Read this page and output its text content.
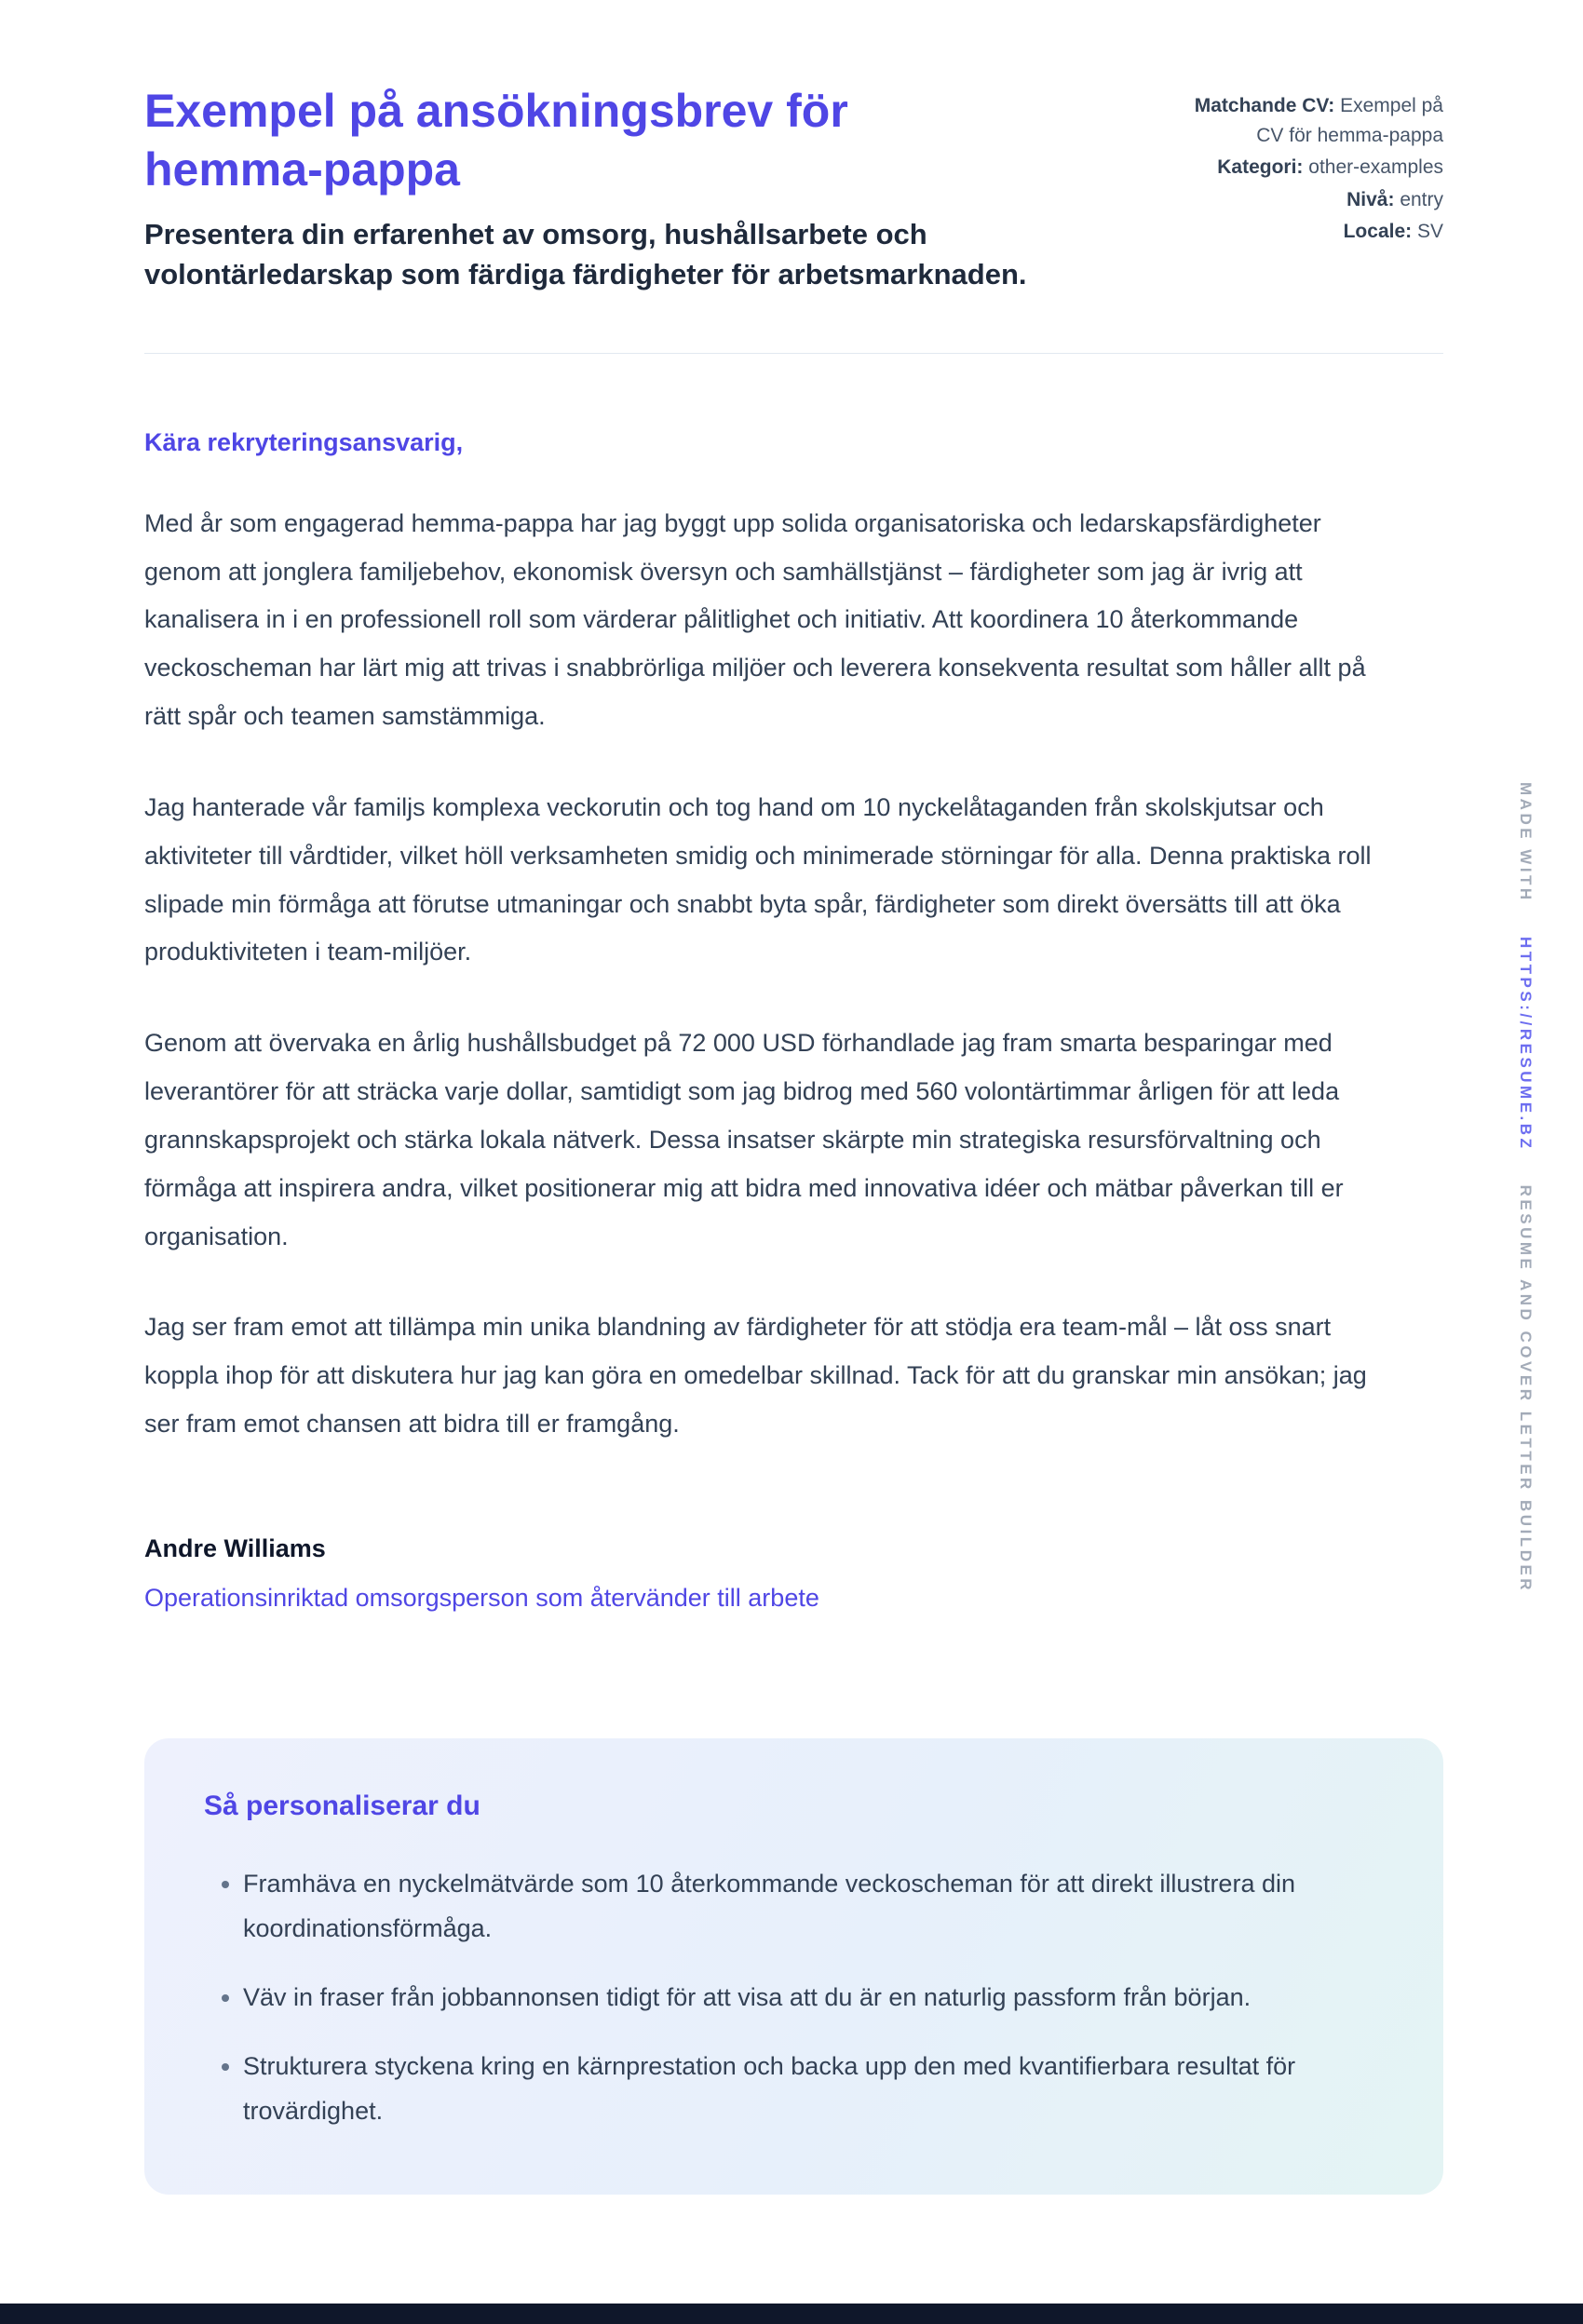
MADE WITH HTTPS://RESUME.BZ RESUME AND COVER LETTER BUILDER
Exempel på ansökningsbrev för hemma-pappa
Presentera din erfarenhet av omsorg, hushållsarbete och volontärledarskap som färdiga färdigheter för arbetsmarknaden.
Matchande CV: Exempel på CV för hemma-pappa
Kategori: other-examples
Nivå: entry
Locale: SV

Kära rekryteringsansvarig,

Med år som engagerad hemma-pappa har jag byggt upp solida organisatoriska och ledarskapsfärdigheter genom att jonglera familjebehov, ekonomisk översyn och samhällstjänst – färdigheter som jag är ivrig att kanalisera in i en professionell roll som värderar pålitlighet och initiativ. Att koordinera 10 återkommande veckoscheman har lärt mig att trivas i snabbrörliga miljöer och leverera konsekventa resultat som håller allt på rätt spår och teamen samstämmiga.

Jag hanterade vår familjs komplexa veckorutin och tog hand om 10 nyckelåtaganden från skolskjutsar och aktiviteter till vårdtider, vilket höll verksamheten smidig och minimerade störningar för alla. Denna praktiska roll slipade min förmåga att förutse utmaningar och snabbt byta spår, färdigheter som direkt översätts till att öka produktiviteten i team-miljöer.

Genom att övervaka en årlig hushållsbudget på 72 000 USD förhandlade jag fram smarta besparingar med leverantörer för att sträcka varje dollar, samtidigt som jag bidrog med 560 volontärtimmar årligen för att leda grannskapsprojekt och stärka lokala nätverk. Dessa insatser skärpte min strategiska resursförvaltning och förmåga att inspirera andra, vilket positionerar mig att bidra med innovativa idéer och mätbar påverkan till er organisation.

Jag ser fram emot att tillämpa min unika blandning av färdigheter för att stödja era team-mål – låt oss snart koppla ihop för att diskutera hur jag kan göra en omedelbar skillnad. Tack för att du granskar min ansökan; jag ser fram emot chansen att bidra till er framgång.

Andre Williams

Operationsinriktad omsorgsperson som återvänder till arbete

Så personaliserar du
• Framhäva en nyckelmätvärde som 10 återkommande veckoscheman för att direkt illustrera din koordinationsförmåga.
• Väv in fraser från jobbannonsen tidigt för att visa att du är en naturlig passform från början.
• Strukturera styckena kring en kärnprestation och backa upp den med kvantifierbara resultat för trovärdighet.
